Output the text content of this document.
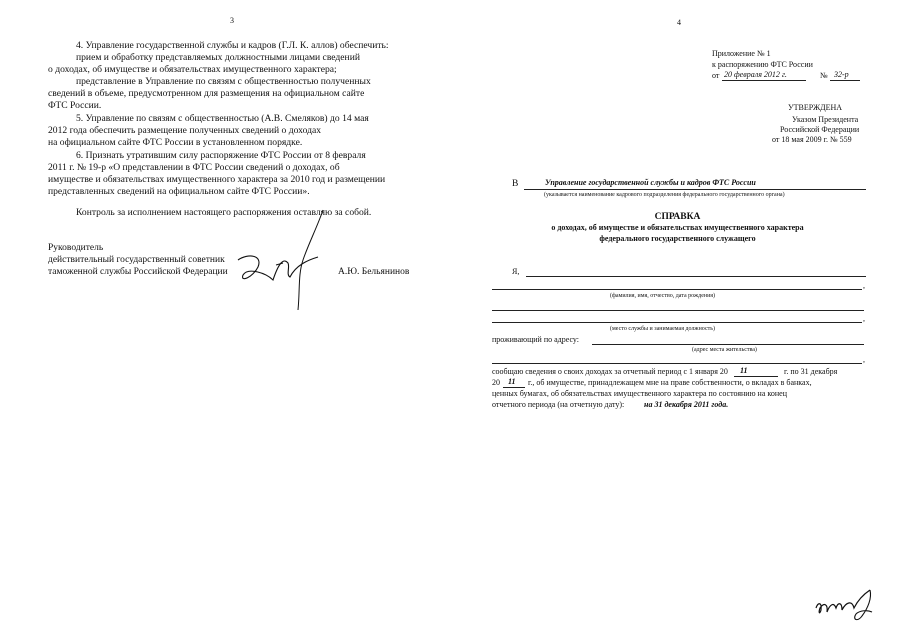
3

4. Управление государственной службы и кадров (Г.Л. К. аллов) обеспечить:

прием и обработку представляемых должностными лицами сведений

о доходах, об имуществе и обязательствах имущественного характера;

представление в Управление по связям с общественностью полученных

сведений в объеме, предусмотренном для размещения на официальном сайте

ФТС России.

5. Управление по связям с общественностью (А.В. Смеляков) до 14 мая

2012 года обеспечить размещение полученных сведений о доходах

на официальном сайте ФТС России в установленном порядке.

6. Признать утратившим силу распоряжение ФТС России от 8 февраля

2011 г. № 19-р «О представлении в ФТС России сведений о доходах, об

имуществе и обязательствах имущественного характера за 2010 год и размещении

представленных сведений на официальном сайте ФТС России».

Контроль за исполнением настоящего распоряжения оставляю за собой.

Руководитель
действительный государственный советник
таможенной службы Российской Федерации	А.Ю. Бельянинов
4
Приложение № 1
к распоряжению ФТС России
от 20 февраля 2012 г.	№ 32-р
УТВЕРЖДЕНА
Указом Президента
Российской Федерации
от 18 мая 2009 г. № 559
В	Управление государственной службы и кадров ФТС России
(указывается наименование кадрового подразделения федерального государственного органа)
СПРАВКА
о доходах, об имуществе и обязательствах имущественного характера
федерального государственного служащего
Я,
,
(фамилия, имя, отчество, дата рождения)
,
(место службы и занимаемая должность)
проживающий по адресу:
(адрес места жительства)
,
сообщаю сведения о своих доходах за отчетный период с 1 января 20 11	г. по 31 декабря
20 11 г., об имуществе, принадлежащем мне на праве собственности, о вкладах в банках,
ценных бумагах, об обязательствах имущественного характера по состоянию на конец
отчетного периода (на отчетную дату): на 31 декабря 2011 года.
